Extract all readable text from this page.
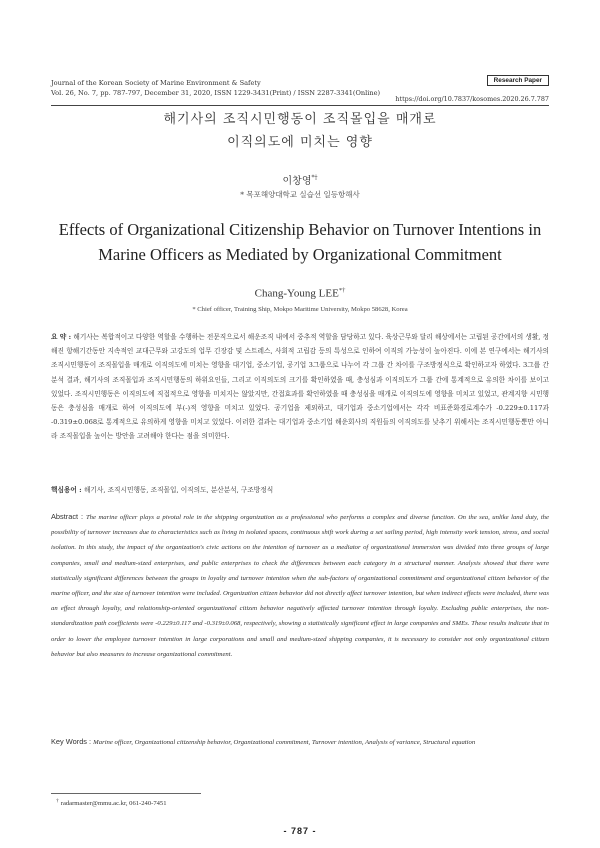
Journal of the Korean Society of Marine Environment & Safety
Vol. 26, No. 7, pp. 787-797, December 31, 2020, ISSN 1229-3431(Print) / ISSN 2287-3341(Online)
Research Paper
https://doi.org/10.7837/kosomes.2020.26.7.787
해기사의 조직시민행동이 조직몰입을 매개로
이직의도에 미치는 영향
이창영*†
* 목포해양대학교 실습선 일등항해사
Effects of Organizational Citizenship Behavior on Turnover Intentions in
Marine Officers as Mediated by Organizational Commitment
Chang-Young LEE*†
* Chief officer, Training Ship, Mokpo Maritime University, Mokpo 58628, Korea
요 약 : 해기사는 복합적이고 다양한 역할을 수행하는 전문직으로서 해운조직 내에서 중추적 역할을 담당하고 있다. 육상근무와 달리 해상에서는 고립된 공간에서의 생활, 정해진 항해기간동안 지속적인 교대근무와 고강도의 업무 긴장감 및 스트레스, 사회적 고립감 등의 특성으로 인하여 이직의 가능성이 높아진다. 이에 본 연구에서는 해기사의 조직시민행동이 조직몰입을 매개로 이직의도에 미치는 영향을 대기업, 중소기업, 공기업 3그룹으로 나누어 각 그룹 간 차이를 구조방정식으로 확인하고자 하였다. 3그룹 간 분석 결과, 해기사의 조직몰입과 조직시민행동의 하위요인들, 그리고 이직의도의 크기를 확인하였을 때, 충성심과 이직의도가 그룹 간에 통계적으로 유의한 차이를 보이고 있었다. 조직시민행동은 이직의도에 직접적으로 영향을 미치지는 않았지만, 간접효과를 확인하였을 때 충성심을 매개로 이직의도에 영향을 미치고 있었고, 관계지향 시민행동은 충성심을 매개로 하여 이직의도에 부(-)적 영향을 미치고 있었다. 공기업을 제외하고, 대기업과 중소기업에서는 각각 비표준화경로계수가 -0.229±0.117과 -0.319±0.068로 통계적으로 유의하게 영향을 미치고 있었다. 이러한 결과는 대기업과 중소기업 해운회사의 직원들의 이직의도를 낮추기 위해서는 조직시민행동뿐만 아니라 조직몰입을 높이는 방안을 고려해야 한다는 점을 의미한다.
핵심용어 : 해기사, 조직시민행동, 조직몰입, 이직의도, 분산분석, 구조방정식
Abstract : The marine officer plays a pivotal role in the shipping organization as a professional who performs a complex and diverse function. On the sea, unlike land duty, the possibility of turnover increases due to characteristics such as living in isolated spaces, continuous shift work during a set sailing period, high intensity work tension, stress, and social isolation. In this study, the impact of the organization's civic actions on the intention of turnover as a mediator of organizational immersion was divided into three groups of large companies, small and medium-sized enterprises, and public enterprises to check the differences between each category in a structural manner. Analysis showed that there were statistically significant differences between the groups in loyalty and turnover intention when the sub-factors of organizational commitment and organizational citizen behavior of the marine officer, and the size of turnover intention were included. Organization citizen behavior did not directly affect turnover intention, but when indirect effects were included, there was an effect through loyalty, and relationship-oriented organizational citizen behavior negatively affected turnover intention through loyalty. Excluding public enterprises, the non-standardization path coefficients were -0.229±0.117 and -0.319±0.068, respectively, showing a statistically significant effect in large companies and SMEs. These results indicate that in order to lower the employee turnover intention in large corporations and small and medium-sized shipping companies, it is necessary to consider not only organizational citizen behavior but also measures to increase organizational commitment.
Key Words : Marine officer, Organizational citizenship behavior, Organizational commitment, Turnover intention, Analysis of variance, Structural equation
† radarmaster@mmu.ac.kr, 061-240-7451
- 787 -
